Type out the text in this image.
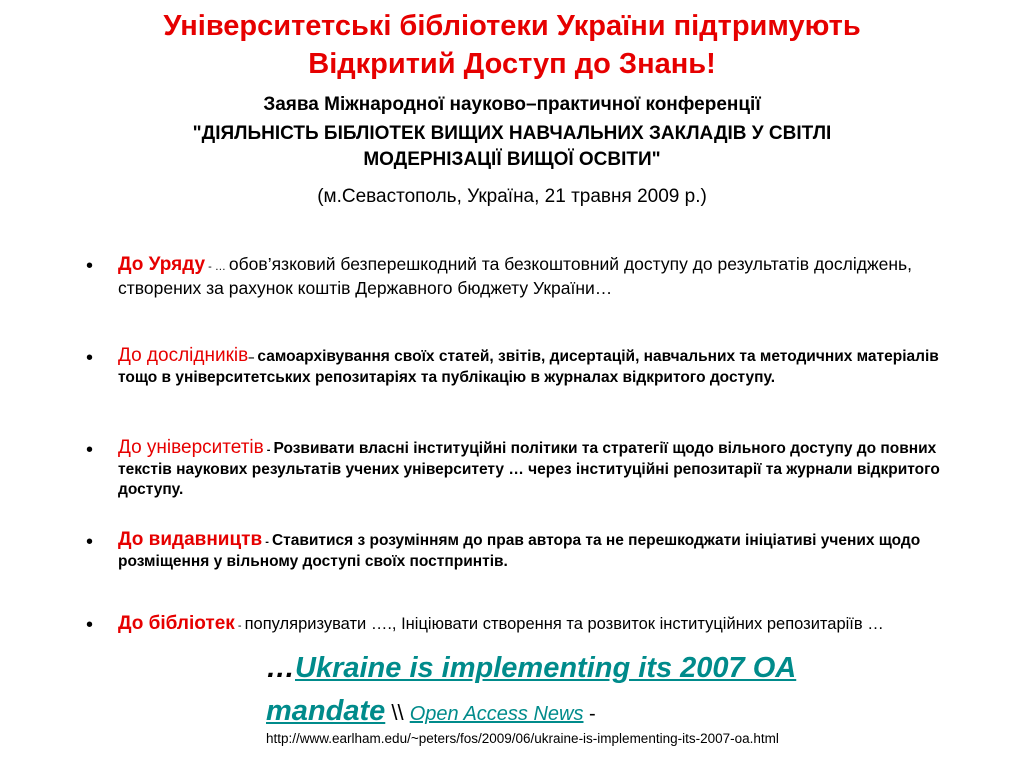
Університетські бібліотеки України підтримують
Відкритий Доступ до Знань!

Заява Міжнародної науково–практичної конференції

"ДІЯЛЬНІСТЬ БІБЛІОТЕК ВИЩИХ НАВЧАЛЬНИХ ЗАКЛАДІВ У СВІТЛІ

МОДЕРНІЗАЦІЇ ВИЩОЇ ОСВІТИ"

(м.Севастополь, Україна, 21 травня 2009 р.)

• До Уряду - … обов’язковий безперешкодний та безкоштовний доступу до результатів досліджень, створених за рахунок коштів Державного бюджету України…
• До дослідників– самоархівування своїх статей, звітів, дисертацій, навчальних та методичних матеріалів тощо в університетських репозитаріях та публікацію в журналах відкритого доступу.
• До університетів - Розвивати власні інституційні політики та стратегії щодо вільного доступу до повних текстів наукових результатів учених університету … через інституційні репозитарії та журнали відкритого доступу.
• До видавництв - Ставитися з розумінням до прав автора та не перешкоджати ініціативі учених щодо розміщення у вільному доступі своїх постпринтів.
• До бібліотек - популяризувати …., Ініціювати створення та розвиток інституційних репозитаріїв …
…Ukraine is implementing its 2007 OA
mandate \\ Open Access News -
http://www.earlham.edu/~peters/fos/2009/06/ukraine-is-implementing-its-2007-oa.html
